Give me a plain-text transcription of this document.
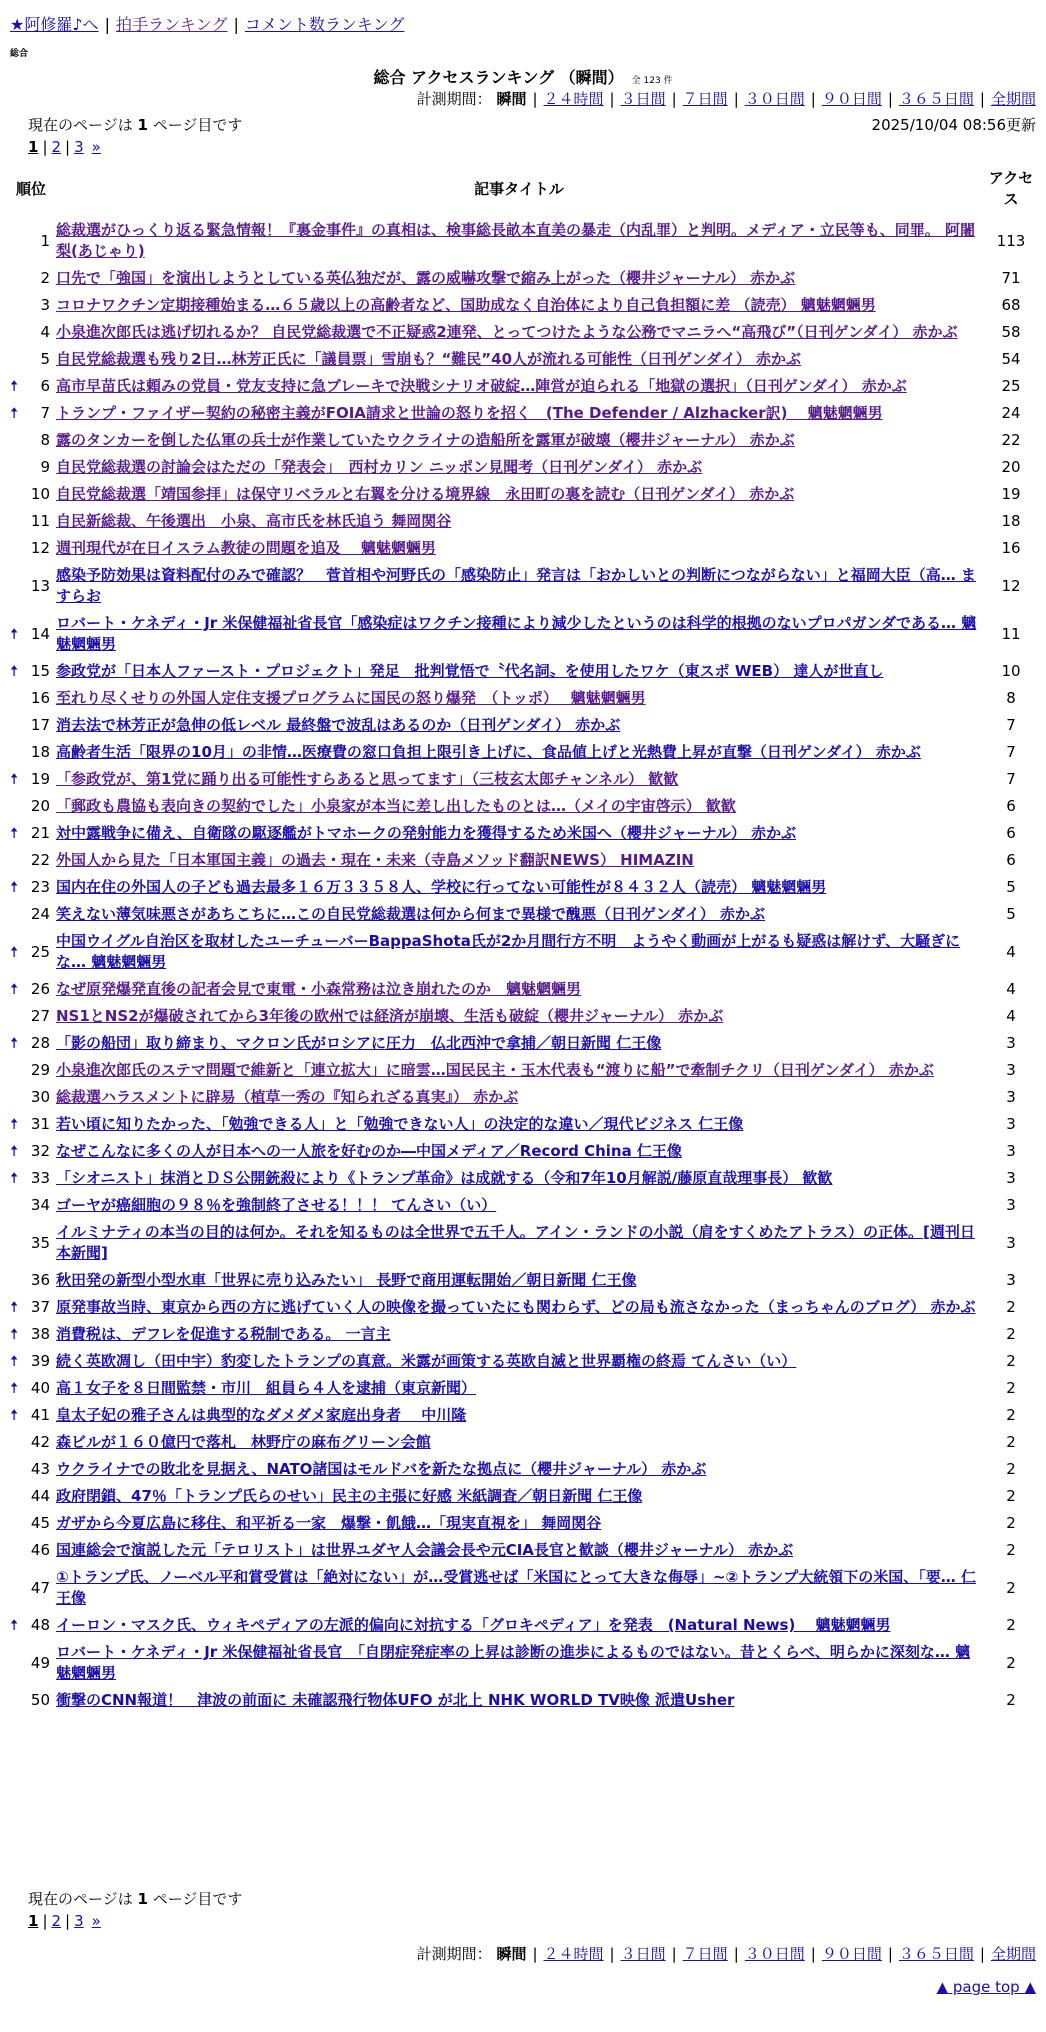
★阿修羅♪へ | 拍手ランキング | コメント数ランキング
総合
総合 アクセスランキング （瞬間） 全 123 件
計測期間： 瞬間 | ２４時間 | ３日間 | ７日間 | ３０日間 | ９０日間 | ３６５日間 | 全期間
現在のページは 1 ページ目です	2025/10/04 08:56更新
1 | 2 | 3 »
順位		記事タイトル	アクセス
	1	総裁選がひっくり返る緊急情報！『裏金事件』の真相は、検事総長畝本直美の暴走（内乱罪）と判明。メディア・立民等も、同罪。 阿闍梨(あじゃり)	113
	2	口先で「強国」を演出しようとしている英仏独だが、露の威嚇攻撃で縮み上がった（櫻井ジャーナル） 赤かぶ	71
	3	コロナワクチン定期接種始まる…６５歳以上の高齢者など、国助成なく自治体により自己負担額に差 （読売） 魑魅魍魎男	68
	4	小泉進次郎氏は逃げ切れるか？ 自民党総裁選で不正疑惑2連発、とってつけたような公務でマニラへ“高飛び”（日刊ゲンダイ） 赤かぶ	58
	5	自民党総裁選も残り2日…林芳正氏に「議員票」雪崩も？“難民”40人が流れる可能性（日刊ゲンダイ） 赤かぶ	54
🠅	6	高市早苗氏は頼みの党員・党友支持に急ブレーキで決戦シナリオ破綻…陣営が迫られる「地獄の選択」（日刊ゲンダイ） 赤かぶ	25
🠅	7	トランプ・ファイザー契約の秘密主義がFOIA請求と世論の怒りを招く　(The Defender / Alzhacker訳)　 魑魅魍魎男	24
	8	露のタンカーを倒した仏軍の兵士が作業していたウクライナの造船所を露軍が破壊（櫻井ジャーナル） 赤かぶ	22
	9	自民党総裁選の討論会はただの「発表会」　西村カリン ニッポン見聞考（日刊ゲンダイ） 赤かぶ	20
	10	自民党総裁選「靖国参拝」は保守リベラルと右翼を分ける境界線　永田町の裏を読む（日刊ゲンダイ） 赤かぶ	19
	11	自民新総裁、午後選出　小泉、高市氏を林氏追う 舞岡関谷	18
	12	週刊現代が在日イスラム教徒の問題を追及　 魑魅魍魎男	16
	13	感染予防効果は資料配付のみで確認？　菅首相や河野氏の「感染防止」発言は「おかしいとの判断につながらない」と福岡大臣（高… ますらお	12
🠅	14	ロバート・ケネディ・Jr 米保健福祉省長官「感染症はワクチン接種により減少したというのは科学的根拠のないプロパガンダである… 魑魅魍魎男	11
🠅	15	参政党が「日本人ファースト・プロジェクト」発足　批判覚悟で〝代名詞〟を使用したワケ（東スポ WEB） 達人が世直し	10
	16	至れり尽くせりの外国人定住支援プログラムに国民の怒り爆発　（トッポ）　 魑魅魍魎男	8
	17	消去法で林芳正が急伸の低レベル 最終盤で波乱はあるのか（日刊ゲンダイ） 赤かぶ	7
	18	高齢者生活「限界の10月」の非情…医療費の窓口負担上限引き上げに、食品値上げと光熱費上昇が直撃（日刊ゲンダイ） 赤かぶ	7
🠅	19	「参政党が、第1党に踊り出る可能性すらあると思ってます」（三枝玄太郎チャンネル） 歓歓	7
	20	「郵政も農協も表向きの契約でした」小泉家が本当に差し出したものとは…（メイの宇宙啓示） 歓歓	6
🠅	21	対中露戦争に備え、自衛隊の駆逐艦がトマホークの発射能力を獲得するため米国へ（櫻井ジャーナル） 赤かぶ	6
	22	外国人から見た「日本軍国主義」の過去・現在・未来（寺島メソッド翻訳NEWS） HIMAZIN	6
🠅	23	国内在住の外国人の子ども過去最多１６万３３５８人、学校に行ってない可能性が８４３２人（読売） 魑魅魍魎男	5
	24	笑えない薄気味悪さがあちこちに…この自民党総裁選は何から何まで異様で醜悪（日刊ゲンダイ） 赤かぶ	5
🠅	25	中国ウイグル自治区を取材したユーチューバーBappaShota氏が2か月間行方不明　ようやく動画が上がるも疑惑は解けず、大騒ぎにな… 魑魅魍魎男	4
🠅	26	なぜ原発爆発直後の記者会見で東電・小森常務は泣き崩れたのか　魑魅魍魎男	4
	27	NS1とNS2が爆破されてから3年後の欧州では経済が崩壊、生活も破綻（櫻井ジャーナル） 赤かぶ	4
🠅	28	「影の船団」取り締まり、マクロン氏がロシアに圧力　仏北西沖で拿捕／朝日新聞 仁王像	3
	29	小泉進次郎氏のステマ問題で維新と「連立拡大」に暗雲…国民民主・玉木代表も“渡りに船”で牽制チクリ（日刊ゲンダイ） 赤かぶ	3
	30	総裁選ハラスメントに辟易（植草一秀の『知られざる真実』） 赤かぶ	3
🠅	31	若い頃に知りたかった、「勉強できる人」と「勉強できない人」の決定的な違い／現代ビジネス 仁王像	3
🠅	32	なぜこんなに多くの人が日本への一人旅を好むのか―中国メディア／Record China 仁王像	3
🠅	33	「シオニスト」抹消とＤＳ公開銃殺により《トランプ革命》は成就する（令和7年10月解説/藤原直哉理事長） 歓歓	3
	34	ゴーヤが癌細胞の９８％を強制終了させる！！！ てんさい（い）	3
	35	イルミナティの本当の目的は何か。それを知るものは全世界で五千人。アイン・ランドの小説（肩をすくめたアトラス）の正体。[週刊日本新聞]	3
	36	秋田発の新型小型水車「世界に売り込みたい」 長野で商用運転開始／朝日新聞 仁王像	3
🠅	37	原発事故当時、東京から西の方に逃げていく人の映像を撮っていたにも関わらず、どの局も流さなかった（まっちゃんのブログ） 赤かぶ	2
🠅	38	消費税は、デフレを促進する税制である。 一言主	2
🠅	39	続く英欧凋し（田中宇）豹変したトランプの真意。米露が画策する英欧自滅と世界覇権の終焉 てんさい（い）	2
🠅	40	高１女子を８日間監禁・市川　組員ら４人を逮捕（東京新聞）	2
🠅	41	皇太子妃の雅子さんは典型的なダメダメ家庭出身者　 中川隆	2
	42	森ビルが１６０億円で落札　林野庁の麻布グリーン会館	2
	43	ウクライナでの敗北を見据え、NATO諸国はモルドバを新たな拠点に（櫻井ジャーナル） 赤かぶ	2
	44	政府閉鎖、47％「トランプ氏らのせい」民主の主張に好感 米紙調査／朝日新聞 仁王像	2
	45	ガザから今夏広島に移住、和平祈る一家　爆撃・飢餓…「現実直視を」 舞岡関谷	2
	46	国連総会で演説した元「テロリスト」は世界ユダヤ人会議会長や元CIA長官と歓談（櫻井ジャーナル） 赤かぶ	2
	47	①トランプ氏、ノーベル平和賞受賞は「絶対にない」が…受賞逃せば「米国にとって大きな侮辱」~②トランプ大統領下の米国、「要… 仁王像	2
🠅	48	イーロン・マスク氏、ウィキペディアの左派的偏向に対抗する「グロキペディア」を発表　(Natural News)　 魑魅魍魎男	2
	49	ロバート・ケネディ・Jr 米保健福祉省長官　「自閉症発症率の上昇は診断の進歩によるものではない。昔とくらべ、明らかに深刻な… 魑魅魍魎男	2
	50	衝撃のCNN報道！　津波の前面に 未確認飛行物体UFO が北上 NHK WORLD TV映像 派遣Usher	2
現在のページは 1 ページ目です
1 | 2 | 3 »
計測期間： 瞬間 | ２４時間 | ３日間 | ７日間 | ３０日間 | ９０日間 | ３６５日間 | 全期間
▲ page top ▲
